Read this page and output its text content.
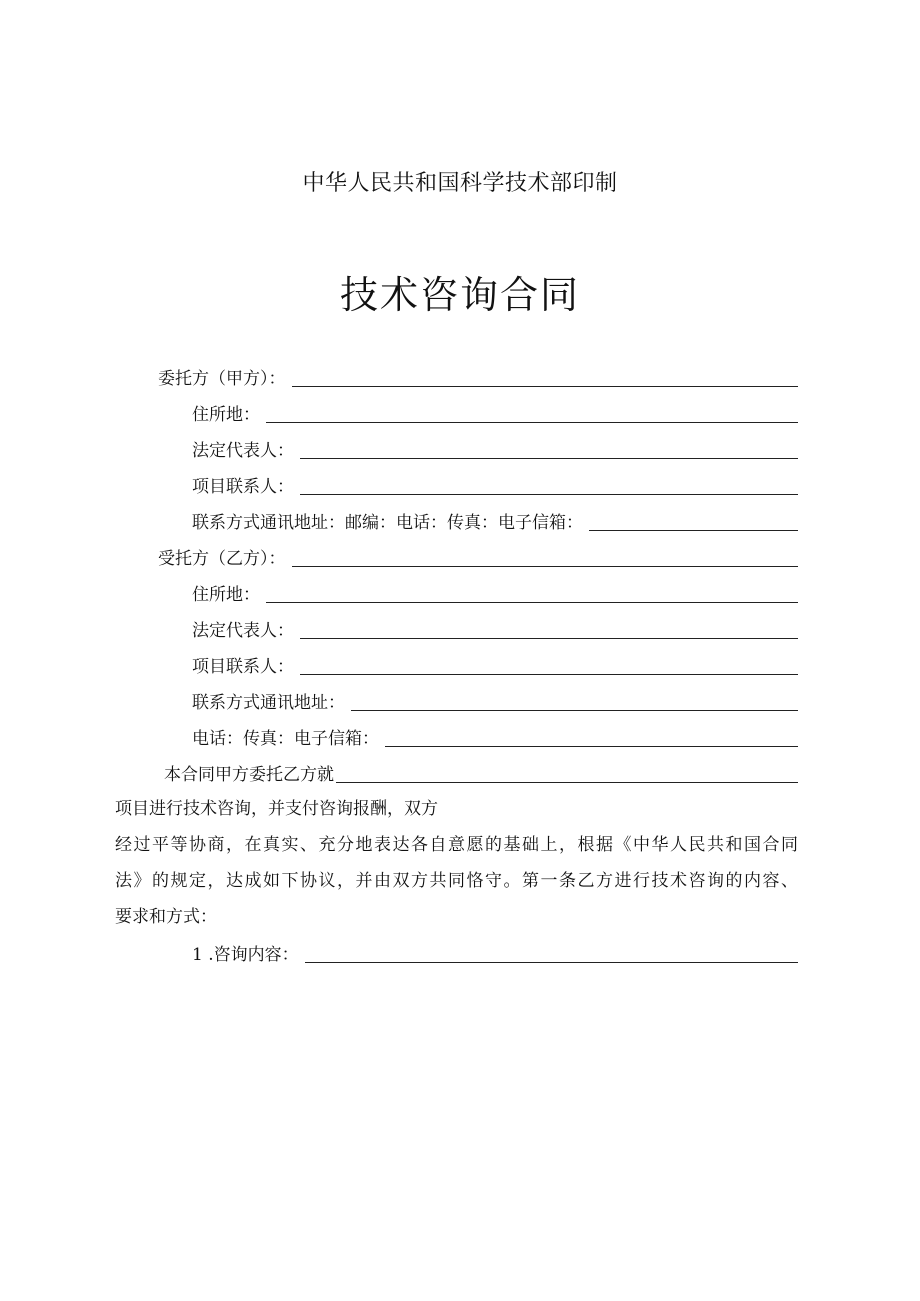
中华人民共和国科学技术部印制
技术咨询合同
委托方（甲方）：
住所地：
法定代表人：
项目联系人：
联系方式通讯地址：邮编：电话：传真：电子信箱：
受托方（乙方）：
住所地：
法定代表人：
项目联系人：
联系方式通讯地址：
电话：传真：电子信箱：
本合同甲方委托乙方就
项目进行技术咨询，并支付咨询报酬，双方
经过平等协商，在真实、充分地表达各自意愿的基础上，根据《中华人民共和国合同
法》的规定，达成如下协议，并由双方共同恪守。第一条乙方进行技术咨询的内容、
要求和方式：
1 .咨询内容：
